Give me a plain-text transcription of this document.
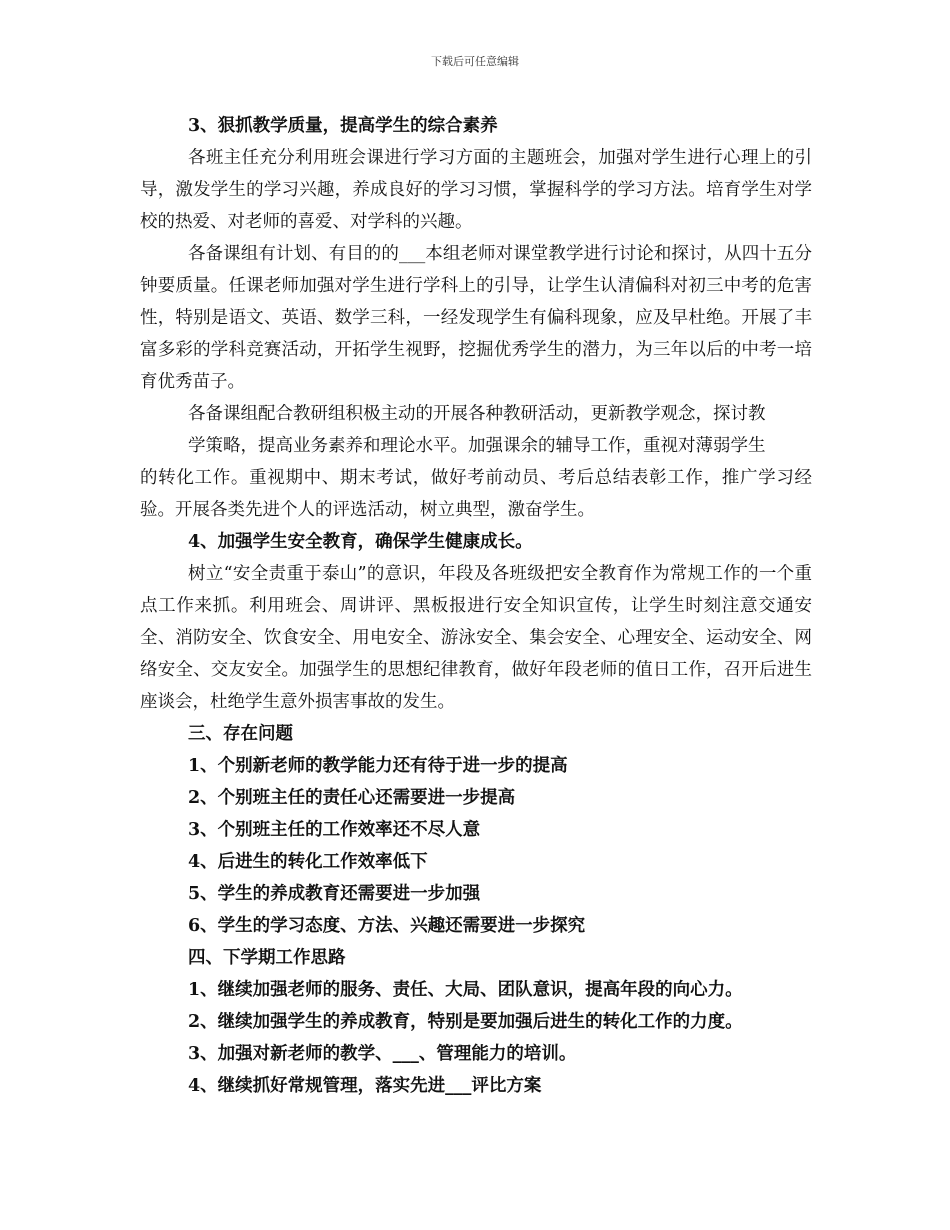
下载后可任意编辑

3、狠抓教学质量，提高学生的综合素养

各班主任充分利用班会课进行学习方面的主题班会，加强对学生进行心理上的引导，激发学生的学习兴趣，养成良好的学习习惯，掌握科学的学习方法。培育学生对学校的热爱、对老师的喜爱、对学科的兴趣。

各备课组有计划、有目的的___本组老师对课堂教学进行讨论和探讨，从四十五分钟要质量。任课老师加强对学生进行学科上的引导，让学生认清偏科对初三中考的危害性，特别是语文、英语、数学三科，一经发现学生有偏科现象，应及早杜绝。开展了丰富多彩的学科竞赛活动，开拓学生视野，挖掘优秀学生的潜力，为三年以后的中考一培育优秀苗子。

各备课组配合教研组积极主动的开展各种教研活动，更新教学观念，探讨教

学策略，提高业务素养和理论水平。加强课余的辅导工作，重视对薄弱学生

的转化工作。重视期中、期末考试，做好考前动员、考后总结表彰工作，推广学习经验。开展各类先进个人的评选活动，树立典型，激奋学生。

4、加强学生安全教育，确保学生健康成长。

树立“安全责重于泰山”的意识，年段及各班级把安全教育作为常规工作的一个重点工作来抓。利用班会、周讲评、黑板报进行安全知识宣传，让学生时刻注意交通安全、消防安全、饮食安全、用电安全、游泳安全、集会安全、心理安全、运动安全、网络安全、交友安全。加强学生的思想纪律教育，做好年段老师的值日工作，召开后进生座谈会，杜绝学生意外损害事故的发生。

三、存在问题

1、个别新老师的教学能力还有待于进一步的提高

2、个别班主任的责任心还需要进一步提高

3、个别班主任的工作效率还不尽人意

4、后进生的转化工作效率低下

5、学生的养成教育还需要进一步加强

6、学生的学习态度、方法、兴趣还需要进一步探究

四、下学期工作思路

1、继续加强老师的服务、责任、大局、团队意识，提高年段的向心力。

2、继续加强学生的养成教育，特别是要加强后进生的转化工作的力度。

3、加强对新老师的教学、___、管理能力的培训。

4、继续抓好常规管理，落实先进___评比方案
